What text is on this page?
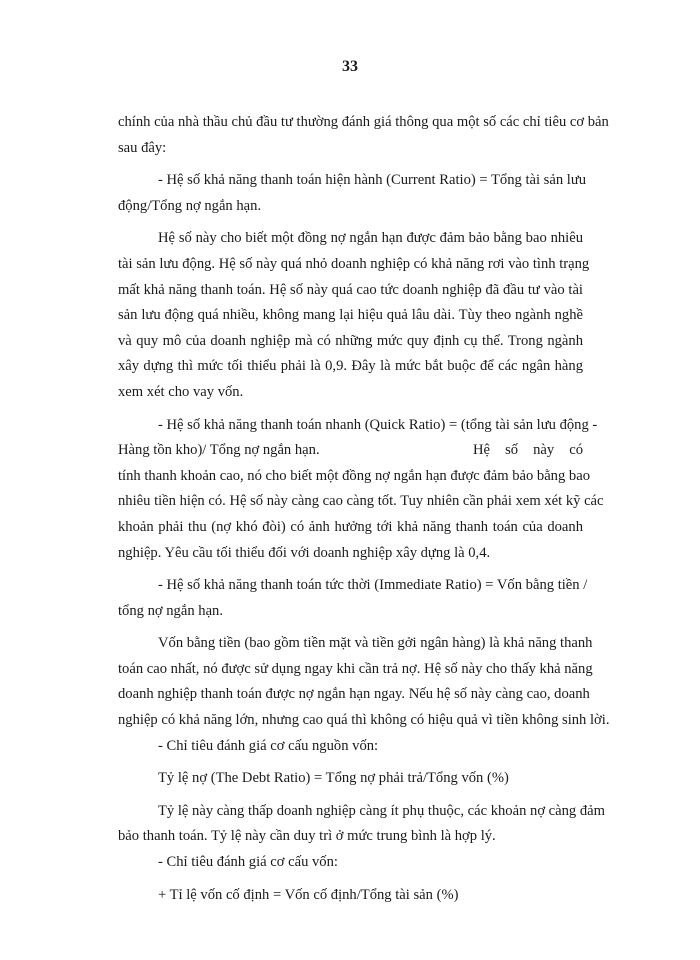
33
chính của nhà thầu chủ đầu tư thường đánh giá thông qua một số các chỉ tiêu cơ bản
sau đây:
- Hệ số khả năng thanh toán hiện hành (Current Ratio) = Tổng tài sản lưu
động/Tổng nợ ngắn hạn.
Hệ số này cho biết một đồng nợ ngắn hạn được đảm bảo bằng bao nhiêu
tài sản lưu động. Hệ số này quá nhỏ doanh nghiệp có khả năng rơi vào tình trạng
mất khả năng thanh toán. Hệ số này quá cao tức doanh nghiệp đã đầu tư vào tài
sản lưu động quá nhiều, không mang lại hiệu quả lâu dài. Tùy theo ngành nghề
và quy mô của doanh nghiệp mà có những mức quy định cụ thể. Trong ngành
xây dựng thì mức tối thiểu phải là 0,9. Đây là mức bắt buộc để các ngân hàng
xem xét cho vay vốn.
- Hệ số khả năng thanh toán nhanh (Quick Ratio) = (tổng tài sản lưu động -
Hàng tồn kho)/ Tổng nợ ngắn hạn.	Hệ số này có
tính thanh khoản cao, nó cho biết một đồng nợ ngắn hạn được đảm bảo bằng bao
nhiêu tiền hiện có. Hệ số này càng cao càng tốt. Tuy nhiên cần phải xem xét kỹ các
khoản phải thu (nợ khó đòi) có ảnh hưởng tới khả năng thanh toán của doanh
nghiệp. Yêu cầu tối thiểu đối với doanh nghiệp xây dựng là 0,4.
- Hệ số khả năng thanh toán tức thời (Immediate Ratio) = Vốn bằng tiền /
tổng nợ ngắn hạn.
Vốn bằng tiền (bao gồm tiền mặt và tiền gởi ngân hàng) là khả năng thanh
toán cao nhất, nó được sử dụng ngay khi cần trả nợ. Hệ số này cho thấy khả năng
doanh nghiệp thanh toán được nợ ngắn hạn ngay. Nếu hệ số này càng cao, doanh
nghiệp có khả năng lớn, nhưng cao quá thì không có hiệu quả vì tiền không sinh lời.
- Chỉ tiêu đánh giá cơ cấu nguồn vốn:
Tỷ lệ nợ (The Debt Ratio) = Tổng nợ phải trả/Tổng vốn (%)
Tỷ lệ này càng thấp doanh nghiệp càng ít phụ thuộc, các khoản nợ càng đảm
bảo thanh toán. Tỷ lệ này cần duy trì ở mức trung bình là hợp lý.
- Chỉ tiêu đánh giá cơ cấu vốn:
+ Tỉ lệ vốn cố định = Vốn cố định/Tổng tài sản (%)
